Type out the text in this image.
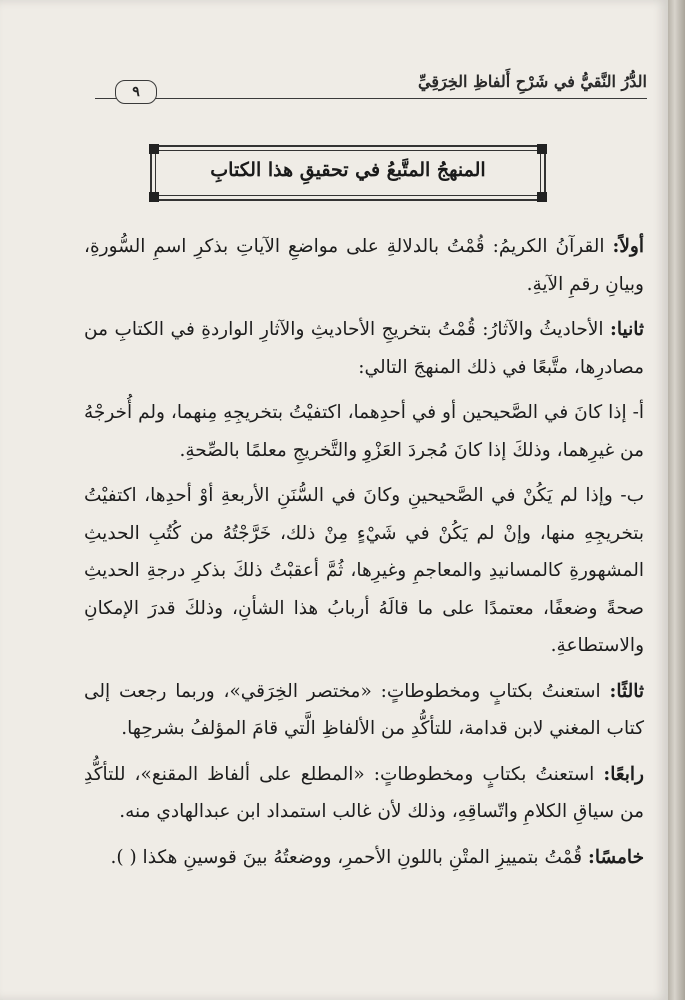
٩
الدُّرُ النَّقيُّ في شَرْحِ أَلفاظِ الخِرَقِيِّ
المنهجُ المتَّبعُ في تحقيقِ هذا الكتابِ

أولاً: القرآنُ الكريمُ: قُمْتُ بالدلالةِ على مواضعِ الآياتِ بذكرِ اسمِ السُّورةِ، وبيانِ رقمِ الآيةِ.

ثانيا: الأحاديثُ والآثارُ: قُمْتُ بتخريجِ الأحاديثِ والآثارِ الواردةِ في الكتابِ من مصادرِها، متَّبعًا في ذلك المنهجَ التالي:

أ- إذا كانَ في الصَّحيحين أو في أحدِهما، اكتفيْتُ بتخريجِهِ مِنهما، ولم أُخرجْهُ من غيرِهما، وذلكَ إذا كانَ مُجردَ العَزْوِ والتَّخريجِ معلمًا بالصِّحةِ.

ب- وإذا لم يَكُنْ في الصَّحيحينِ وكانَ في السُّنَنِ الأربعةِ أوْ أحدِها، اكتفيْتُ بتخريجِهِ منها، وإنْ لم يَكُنْ في شَيْءٍ مِنْ ذلك، خَرَّجْتُهُ من كُتُبِ الحديثِ المشهورةِ كالمسانيدِ والمعاجمِ وغيرِها، ثُمَّ أعقبْتُ ذلكَ بذكرِ درجةِ الحديثِ صحةً وضعفًا، معتمدًا على ما قالَهُ أربابُ هذا الشأنِ، وذلكَ قدرَ الإمكانِ والاستطاعةِ.

ثالثًا: استعنتُ بكتابٍ ومخطوطاتٍ: «مختصر الخِرَقي»، وربما رجعت إلى كتاب المغني لابن قدامة، للتأكُّدِ من الألفاظِ الَّتي قامَ المؤلفُ بشرحِها.

رابعًا: استعنتُ بكتابٍ ومخطوطاتٍ: «المطلع على ألفاظ المقنع»، للتأكُّدِ من سياقِ الكلامِ واتّساقِهِ، وذلك لأن غالب استمداد ابن عبدالهادي منه.

خامسًا: قُمْتُ بتمييزِ المتْنِ باللونِ الأحمرِ، ووضعتُهُ بينَ قوسينِ هكذا ( ).
